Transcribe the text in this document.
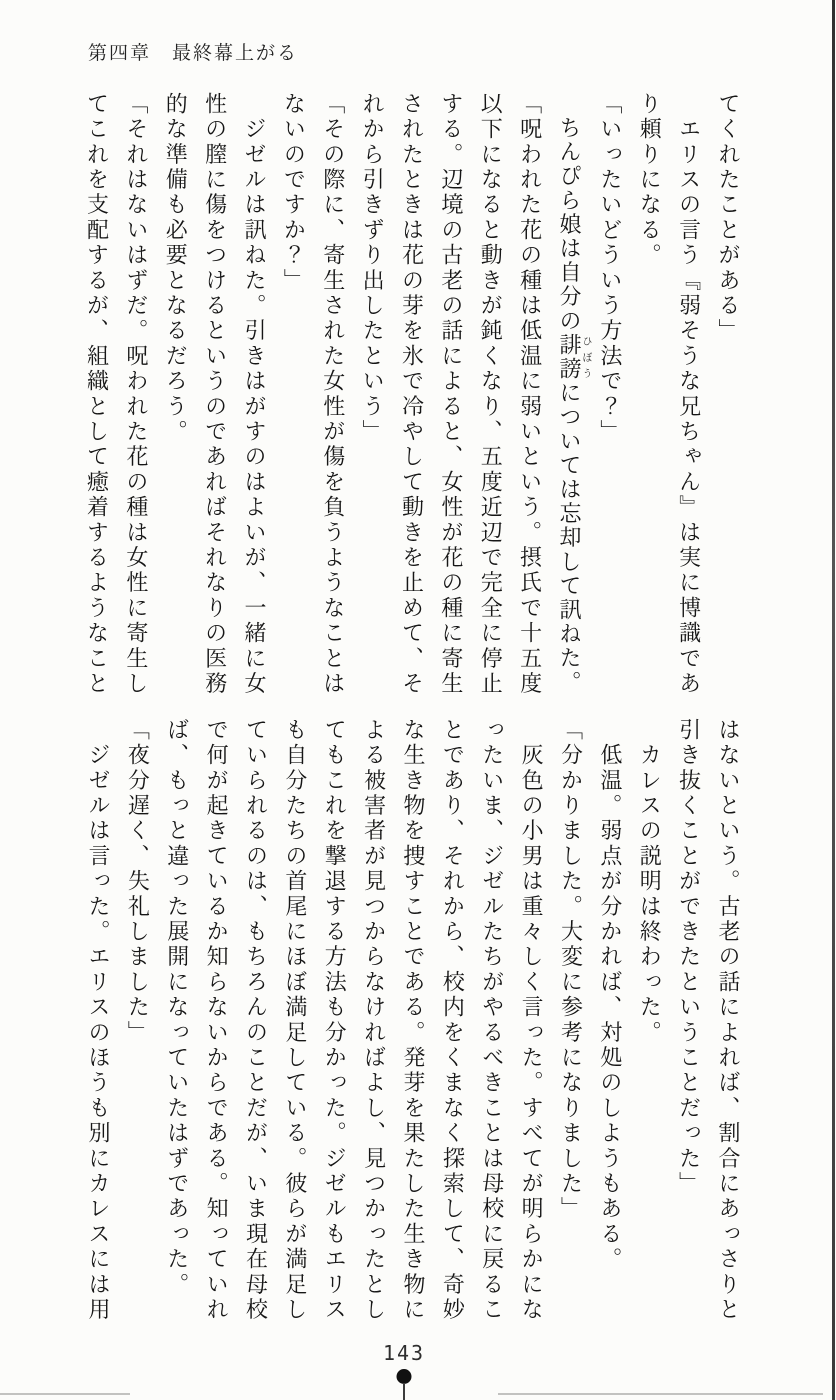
第四章　最終幕上がる

てくれたことがある」

　エリスの言う『弱そうな兄ちゃん』は実に博識であり頼りになる。

「いったいどういう方法で？」

　ちんぴら娘は自分の誹謗ひぼうについては忘却して訊ねた。

「呪われた花の種は低温に弱いという。摂氏で十五度以下になると動きが鈍くなり、五度近辺で完全に停止する。辺境の古老の話によると、女性が花の種に寄生されたときは花の芽を氷で冷やして動きを止めて、それから引きずり出したという」

「その際に、寄生された女性が傷を負うようなことはないのですか？」

　ジゼルは訊ねた。引きはがすのはよいが、一緒に女性の膣に傷をつけるというのであればそれなりの医務的な準備も必要となるだろう。

「それはないはずだ。呪われた花の種は女性に寄生してこれを支配するが、組織として癒着するようなこと

はないという。古老の話によれば、割合にあっさりと引き抜くことができたということだった」

　カレスの説明は終わった。

　低温。弱点が分かれば、対処のしようもある。

「分かりました。大変に参考になりました」

　灰色の小男は重々しく言った。すべてが明らかになったいま、ジゼルたちがやるべきことは母校に戻ることであり、それから、校内をくまなく探索して、奇妙な生き物を捜すことである。発芽を果たした生き物による被害者が見つからなければよし、見つかったとしてもこれを撃退する方法も分かった。ジゼルもエリスも自分たちの首尾にほぼ満足している。彼らが満足していられるのは、もちろんのことだが、いま現在母校で何が起きているか知らないからである。知っていれば、もっと違った展開になっていたはずであった。

「夜分遅く、失礼しました」

　ジゼルは言った。エリスのほうも別にカレスには用

143
